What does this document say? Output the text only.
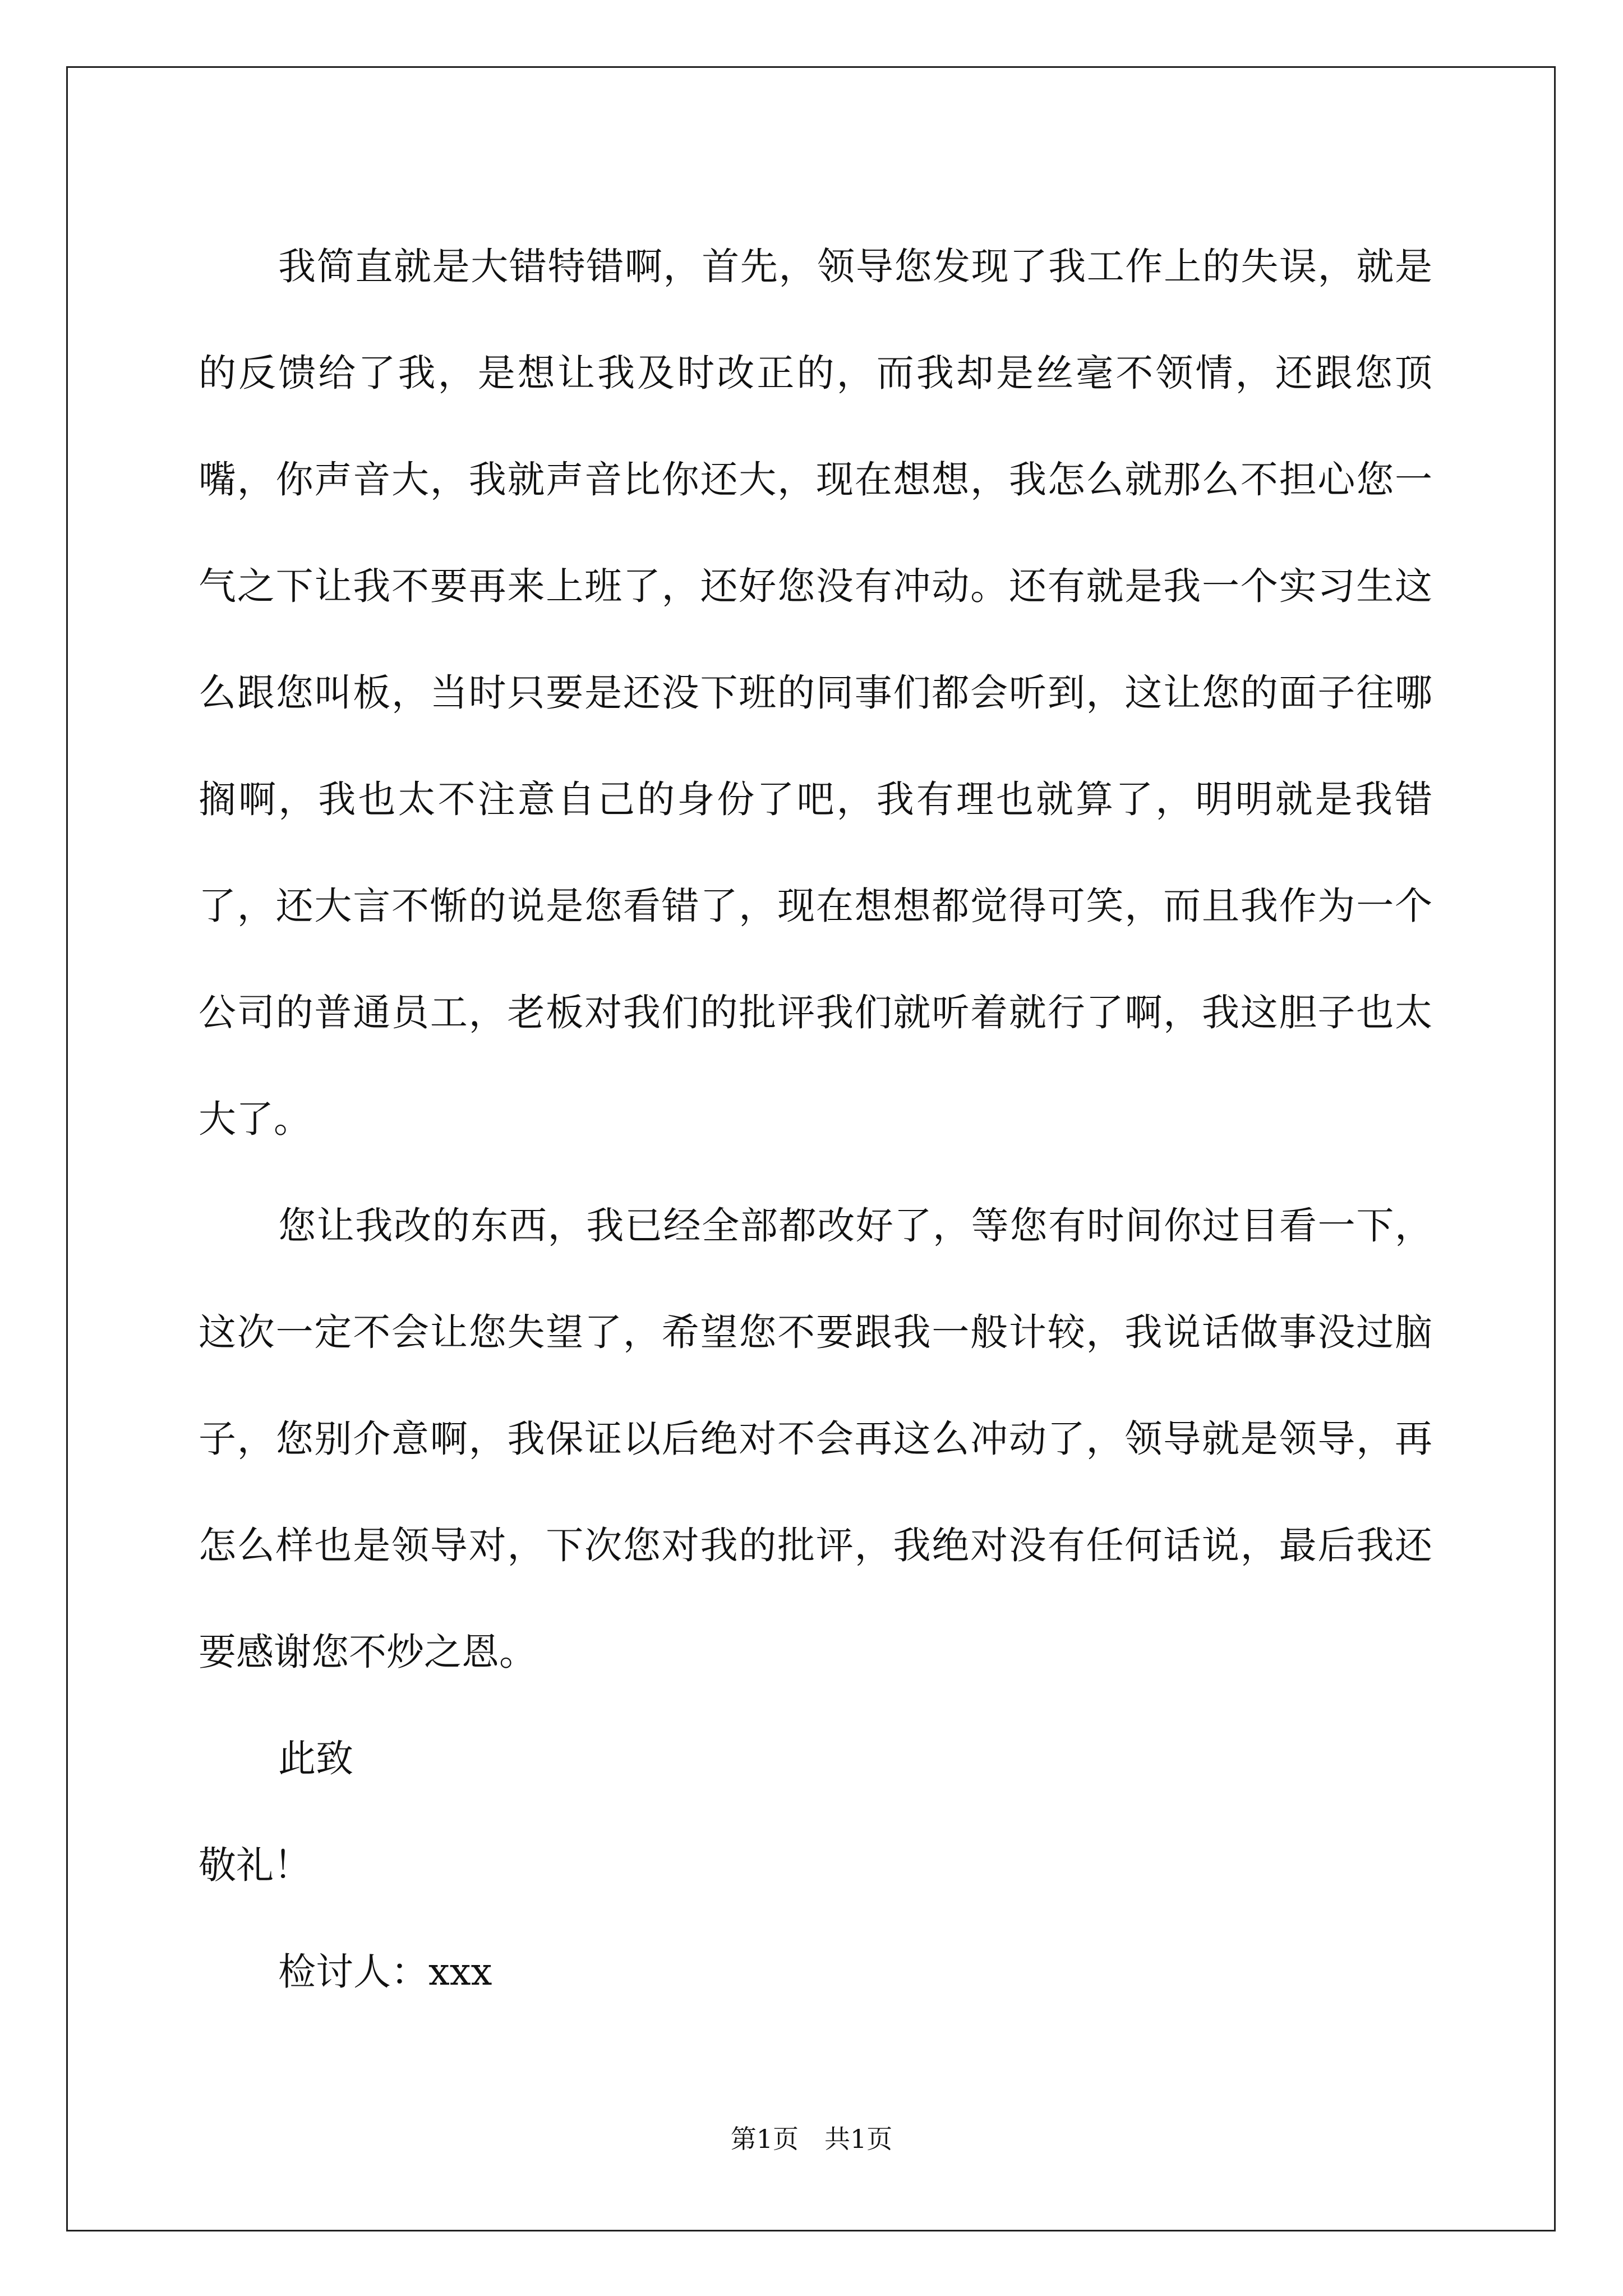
我简直就是大错特错啊，首先，领导您发现了我工作上的失误，就是的反馈给了我，是想让我及时改正的，而我却是丝毫不领情，还跟您顶嘴，你声音大，我就声音比你还大，现在想想，我怎么就那么不担心您一气之下让我不要再来上班了，还好您没有冲动。还有就是我一个实习生这么跟您叫板，当时只要是还没下班的同事们都会听到，这让您的面子往哪搁啊，我也太不注意自己的身份了吧，我有理也就算了，明明就是我错了，还大言不惭的说是您看错了，现在想想都觉得可笑，而且我作为一个公司的普通员工，老板对我们的批评我们就听着就行了啊，我这胆子也太大了。

您让我改的东西，我已经全部都改好了，等您有时间你过目看一下，这次一定不会让您失望了，希望您不要跟我一般计较，我说话做事没过脑子，您别介意啊，我保证以后绝对不会再这么冲动了，领导就是领导，再怎么样也是领导对，下次您对我的批评，我绝对没有任何话说，最后我还要感谢您不炒之恩。

此致

敬礼！

检讨人：xxx

第1页 共1页
